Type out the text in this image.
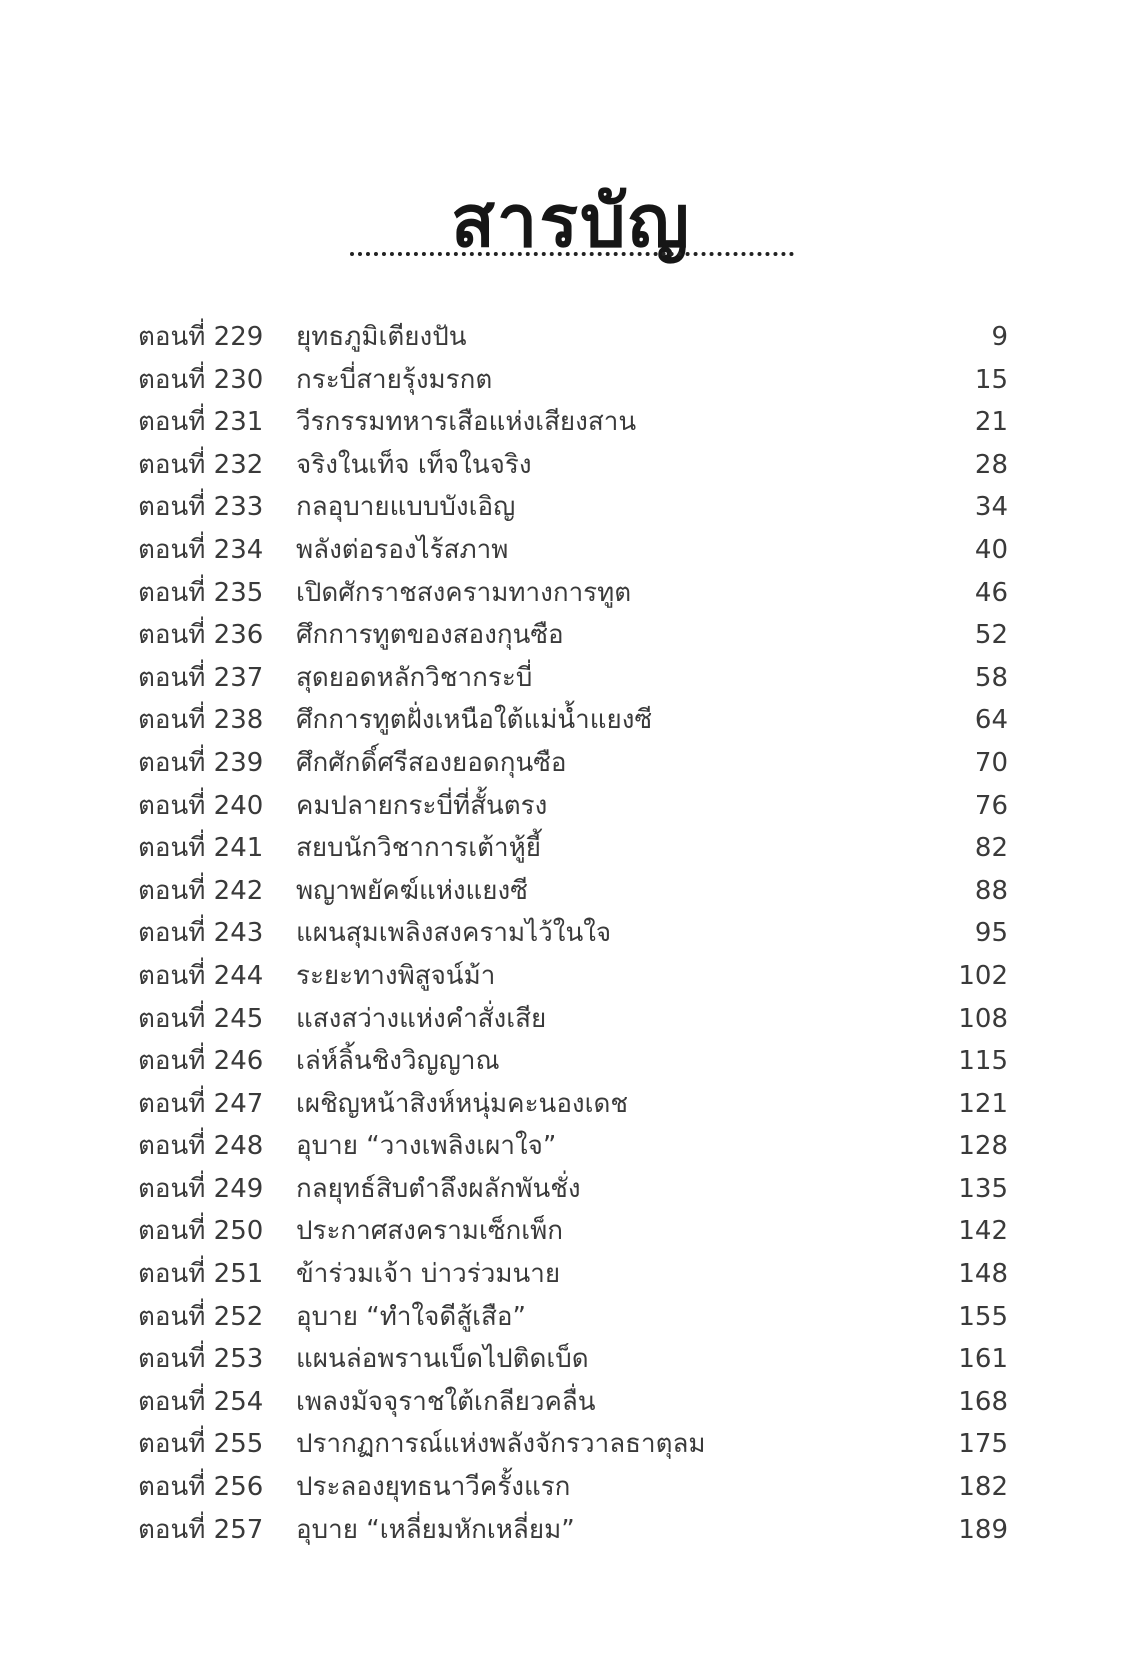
สารบัญ
ตอนที่ 229 ยุทธภูมิเตียงปัน	9
ตอนที่ 230 กระบี่สายรุ้งมรกต	15
ตอนที่ 231 วีรกรรมทหารเสือแห่งเสียงสาน	21
ตอนที่ 232 จริงในเท็จ เท็จในจริง	28
ตอนที่ 233 กลอุบายแบบบังเอิญ	34
ตอนที่ 234 พลังต่อรองไร้สภาพ	40
ตอนที่ 235 เปิดศักราชสงครามทางการทูต	46
ตอนที่ 236 ศึกการทูตของสองกุนซือ	52
ตอนที่ 237 สุดยอดหลักวิชากระบี่	58
ตอนที่ 238 ศึกการทูตฝั่งเหนือใต้แม่น้ำแยงซี	64
ตอนที่ 239 ศึกศักดิ์ศรีสองยอดกุนซือ	70
ตอนที่ 240 คมปลายกระบี่ที่สั้นตรง	76
ตอนที่ 241 สยบนักวิชาการเต้าหู้ยี้	82
ตอนที่ 242 พญาพยัคฆ์แห่งแยงซี	88
ตอนที่ 243 แผนสุมเพลิงสงครามไว้ในใจ	95
ตอนที่ 244 ระยะทางพิสูจน์ม้า	102
ตอนที่ 245 แสงสว่างแห่งคำสั่งเสีย	108
ตอนที่ 246 เล่ห์ลิ้นชิงวิญญาณ	115
ตอนที่ 247 เผชิญหน้าสิงห์หนุ่มคะนองเดช	121
ตอนที่ 248 อุบาย “วางเพลิงเผาใจ”	128
ตอนที่ 249 กลยุทธ์สิบตำลึงผลักพันชั่ง	135
ตอนที่ 250 ประกาศสงครามเซ็กเพ็ก	142
ตอนที่ 251 ข้าร่วมเจ้า บ่าวร่วมนาย	148
ตอนที่ 252 อุบาย “ทำใจดีสู้เสือ”	155
ตอนที่ 253 แผนล่อพรานเบ็ดไปติดเบ็ด	161
ตอนที่ 254 เพลงมัจจุราชใต้เกลียวคลื่น	168
ตอนที่ 255 ปรากฏการณ์แห่งพลังจักรวาลธาตุลม	175
ตอนที่ 256 ประลองยุทธนาวีครั้งแรก	182
ตอนที่ 257 อุบาย “เหลี่ยมหักเหลี่ยม”	189
